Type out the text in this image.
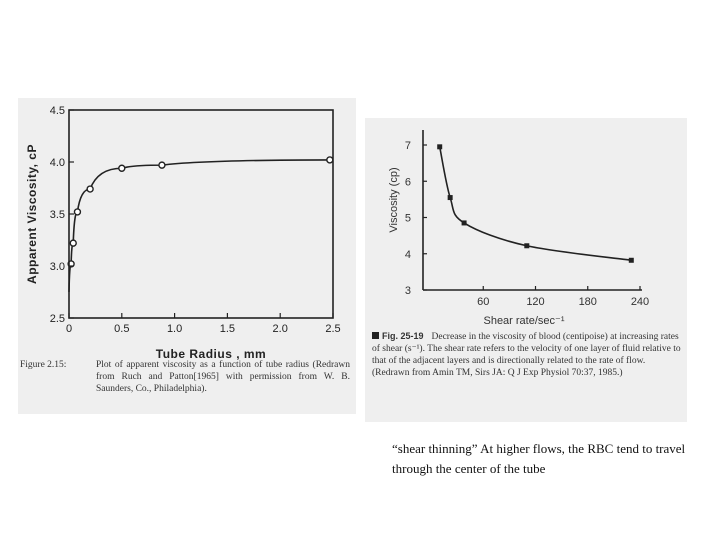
0	0.5	1.0	1.5	2.0	2.5
2.5
3.0
3.5
4.0
4.5
Apparent Viscosity, cP
Tube Radius , mm
60	120	180	240
3
4
5
6
7
Viscosity (cp)
Shear rate/sec⁻¹
Figure 2.15:	Plot of apparent viscosity as a function of tube radius (Redrawn from Ruch and Patton[1965] with permission from W. B. Saunders, Co., Philadelphia).
Fig. 25-19 Decrease in the viscosity of blood (centipoise) at increasing rates of shear (s⁻¹). The shear rate refers to the velocity of one layer of fluid relative to that of the adjacent layers and is directionally related to the rate of flow. (Redrawn from Amin TM, Sirs JA: Q J Exp Physiol 70:37, 1985.)
“shear thinning” At higher flows, the RBC tend to travel through the center of the tube
